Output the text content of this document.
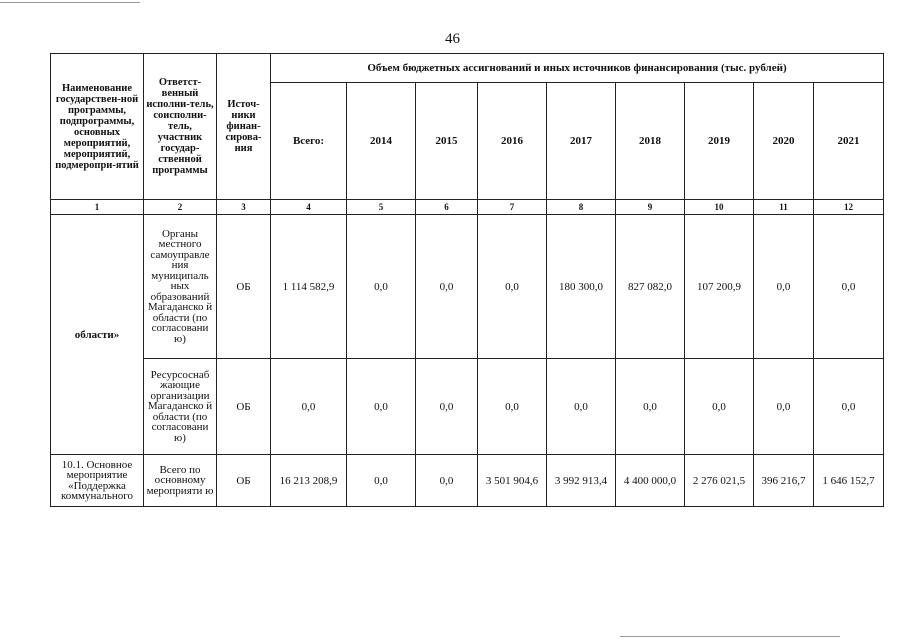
46
Наименование государствен-ной программы, подпрограммы, основных мероприятий, мероприятий, подмеропри-ятий	Ответст-венный исполни-тель, соисполни-тель, участник государ-ственной программы	Источ-ники финан-сирова-ния	Объем бюджетных ассигнований и иных источников финансирования (тыс. рублей)								
			Всего:	2014	2015	2016	2017	2018	2019	2020	2021
1	2	3	4	5	6	7	8	9	10	11	12
области»	Органы местного самоуправле ния муниципаль ных образований Магаданско й области (по согласовани ю)	ОБ	1 114 582,9	0,0	0,0	0,0	180 300,0	827 082,0	107 200,9	0,0	0,0
	Ресурсоснаб жающие организации Магаданско й области (по согласовани ю)	ОБ	0,0	0,0	0,0	0,0	0,0	0,0	0,0	0,0	0,0
10.1. Основное мероприятие «Поддержка коммунального	Всего по основному мероприяти ю	ОБ	16 213 208,9	0,0	0,0	3 501 904,6	3 992 913,4	4 400 000,0	2 276 021,5	396 216,7	1 646 152,7
